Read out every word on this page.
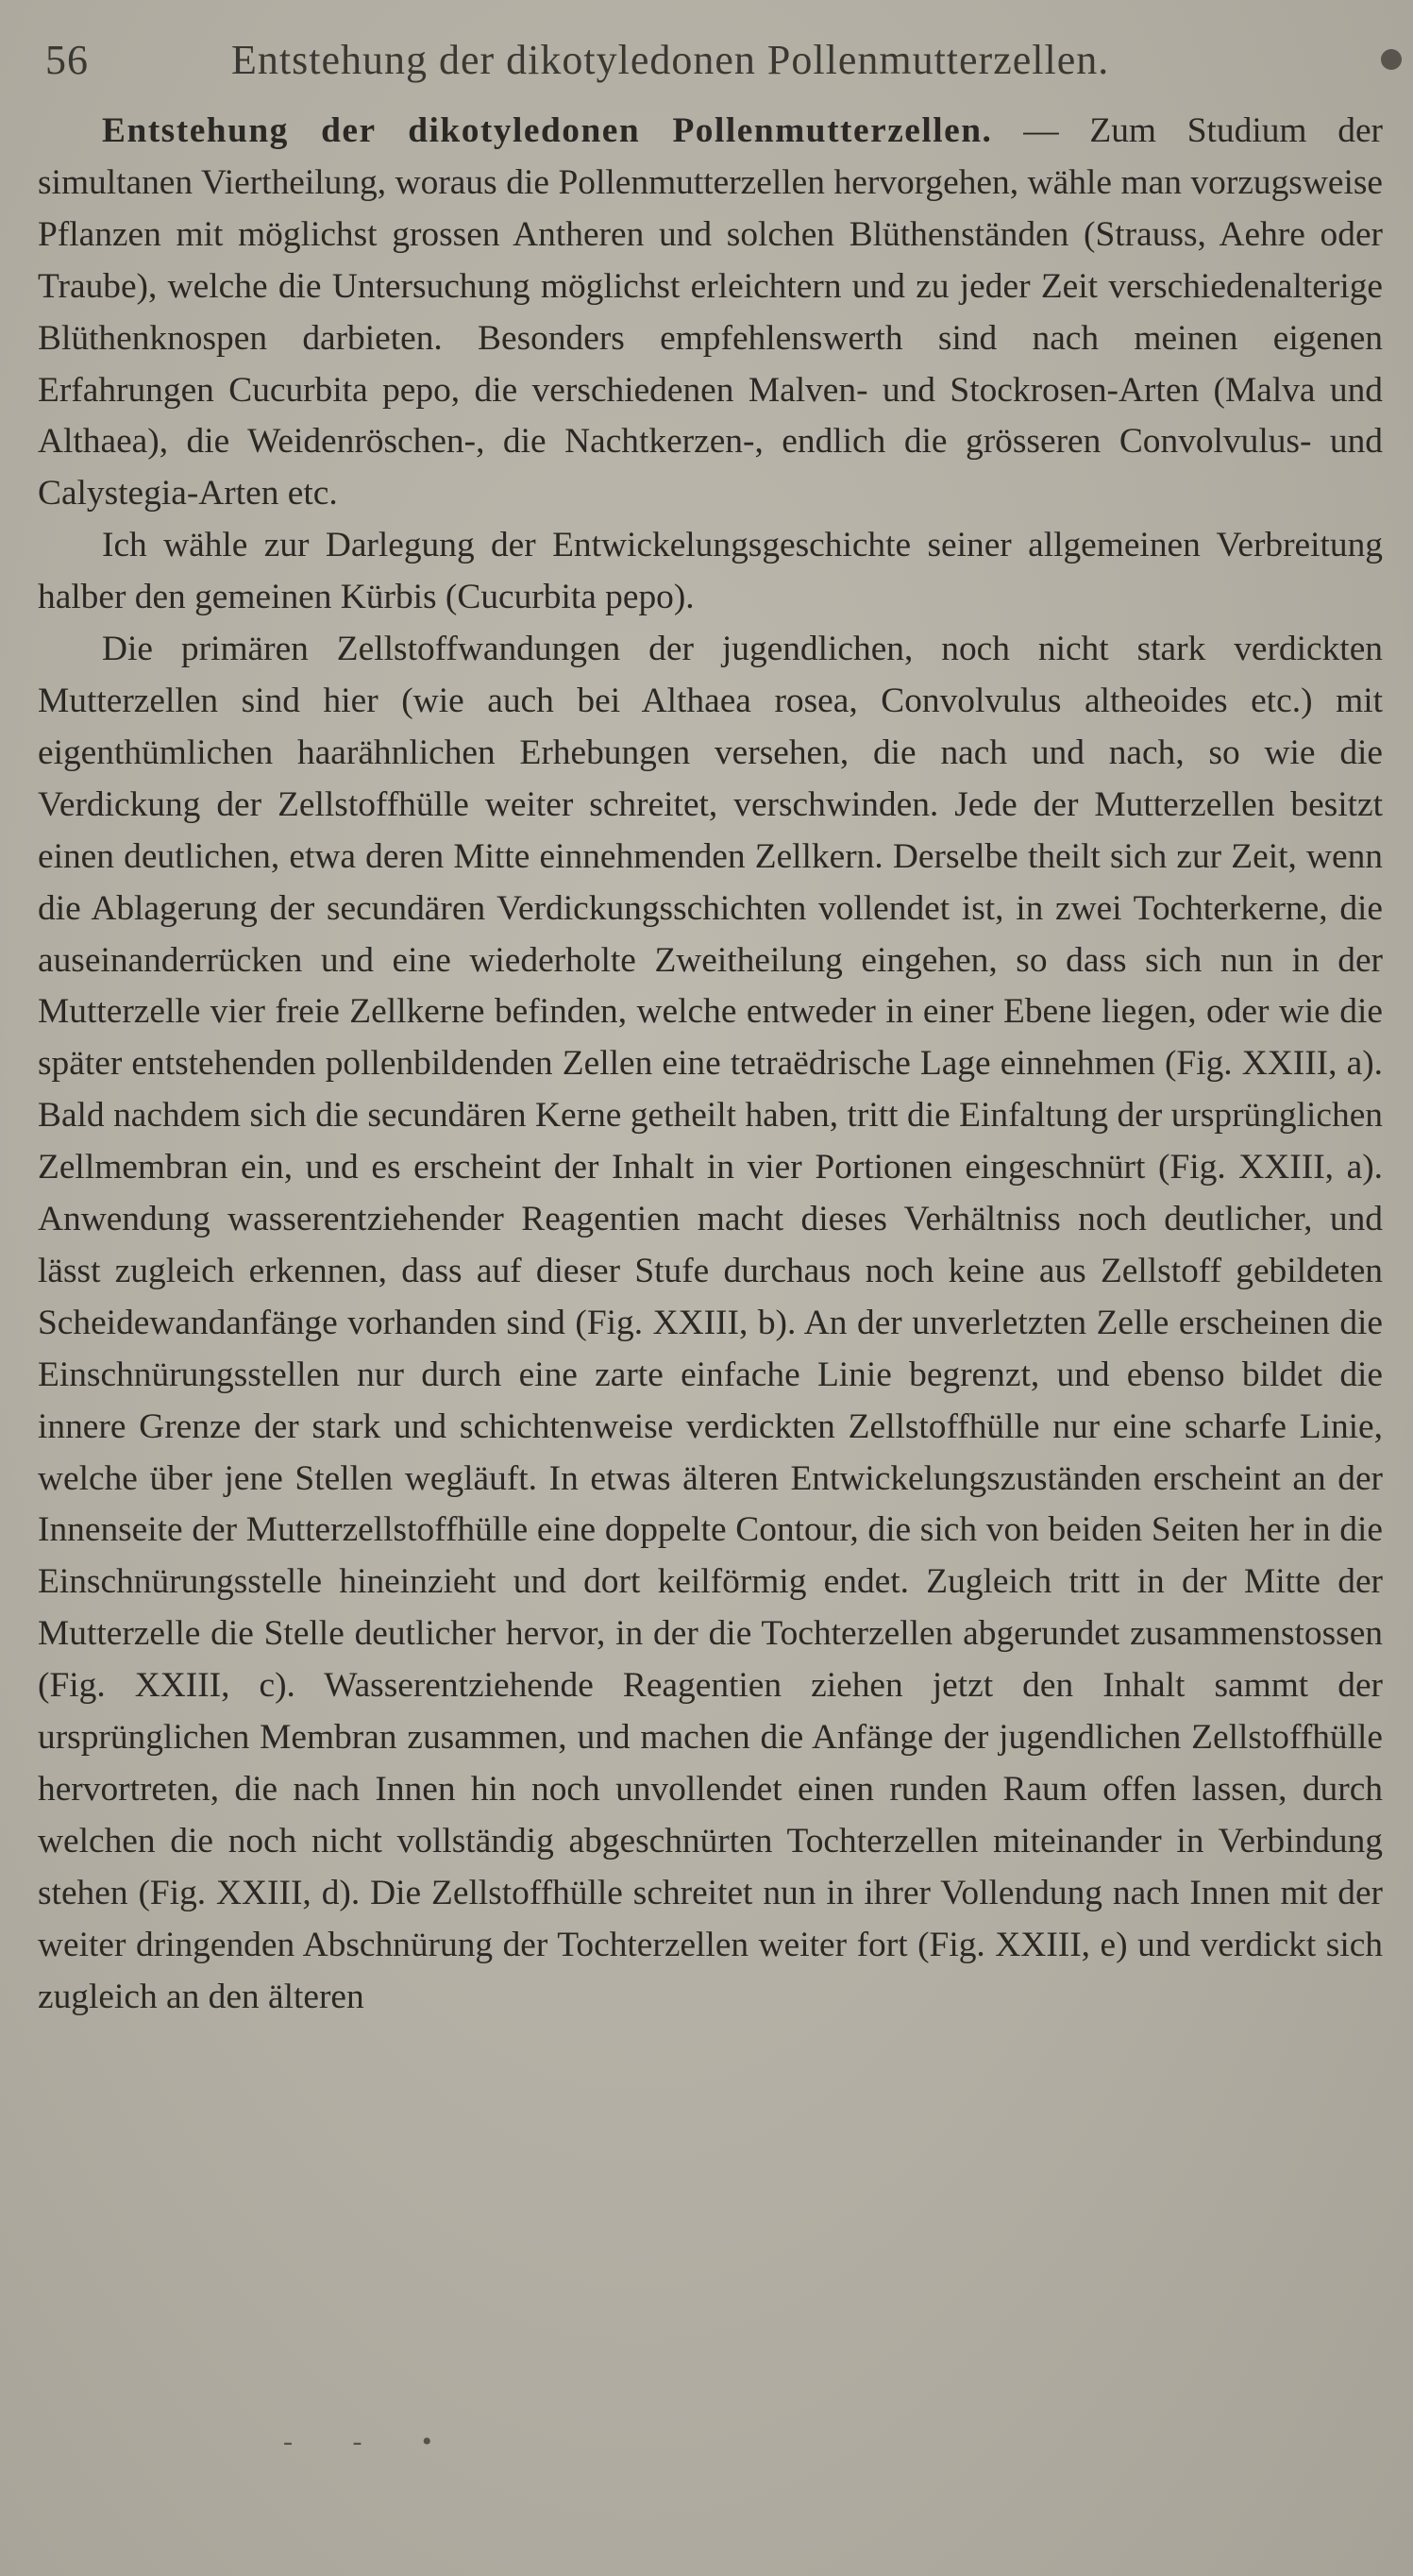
56	Entstehung der dikotyledonen Pollenmutterzellen.

Entstehung der dikotyledonen Pollenmutterzellen. — Zum Studium der simultanen Viertheilung, woraus die Pollenmutterzellen hervorgehen, wähle man vorzugsweise Pflanzen mit möglichst grossen Antheren und solchen Blüthenständen (Strauss, Aehre oder Traube), welche die Untersuchung möglichst erleichtern und zu jeder Zeit verschiedenalterige Blüthenknospen darbieten. Besonders empfehlenswerth sind nach meinen eigenen Erfahrungen Cucurbita pepo, die verschiedenen Malven- und Stockrosen-Arten (Malva und Althaea), die Weidenröschen-, die Nachtkerzen-, endlich die grösseren Convolvulus- und Calystegia-Arten etc.

Ich wähle zur Darlegung der Entwickelungsgeschichte seiner allgemeinen Verbreitung halber den gemeinen Kürbis (Cucurbita pepo).

Die primären Zellstoffwandungen der jugendlichen, noch nicht stark verdickten Mutterzellen sind hier (wie auch bei Althaea rosea, Convolvulus altheoides etc.) mit eigenthümlichen haarähnlichen Erhebungen versehen, die nach und nach, so wie die Verdickung der Zellstoffhülle weiter schreitet, verschwinden. Jede der Mutterzellen besitzt einen deutlichen, etwa deren Mitte einnehmenden Zellkern. Derselbe theilt sich zur Zeit, wenn die Ablagerung der secundären Verdickungsschichten vollendet ist, in zwei Tochterkerne, die auseinanderrücken und eine wiederholte Zweitheilung eingehen, so dass sich nun in der Mutterzelle vier freie Zellkerne befinden, welche entweder in einer Ebene liegen, oder wie die später entstehenden pollenbildenden Zellen eine tetraëdrische Lage einnehmen (Fig. XXIII, a). Bald nachdem sich die secundären Kerne getheilt haben, tritt die Einfaltung der ursprünglichen Zellmembran ein, und es erscheint der Inhalt in vier Portionen eingeschnürt (Fig. XXIII, a). Anwendung wasserentziehender Reagentien macht dieses Verhältniss noch deutlicher, und lässt zugleich erkennen, dass auf dieser Stufe durchaus noch keine aus Zellstoff gebildeten Scheidewandanfänge vorhanden sind (Fig. XXIII, b). An der unverletzten Zelle erscheinen die Einschnürungsstellen nur durch eine zarte einfache Linie begrenzt, und ebenso bildet die innere Grenze der stark und schichtenweise verdickten Zellstoffhülle nur eine scharfe Linie, welche über jene Stellen wegläuft. In etwas älteren Entwickelungszuständen erscheint an der Innenseite der Mutterzellstoffhülle eine doppelte Contour, die sich von beiden Seiten her in die Einschnürungsstelle hineinzieht und dort keilförmig endet. Zugleich tritt in der Mitte der Mutterzelle die Stelle deutlicher hervor, in der die Tochterzellen abgerundet zusammenstossen (Fig. XXIII, c). Wasserentziehende Reagentien ziehen jetzt den Inhalt sammt der ursprünglichen Membran zusammen, und machen die Anfänge der jugendlichen Zellstoffhülle hervortreten, die nach Innen hin noch unvollendet einen runden Raum offen lassen, durch welchen die noch nicht vollständig abgeschnürten Tochterzellen miteinander in Verbindung stehen (Fig. XXIII, d). Die Zellstoffhülle schreitet nun in ihrer Vollendung nach Innen mit der weiter dringenden Abschnürung der Tochterzellen weiter fort (Fig. XXIII, e) und verdickt sich zugleich an den älteren

- - •
